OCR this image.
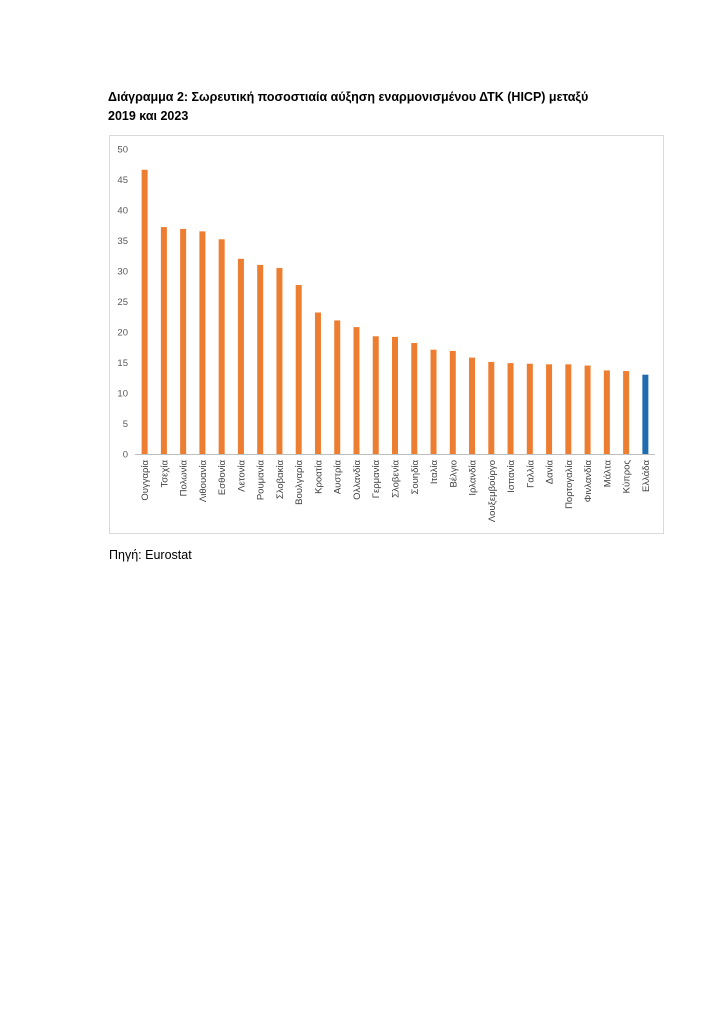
Διάγραμμα 2: Σωρευτική ποσοστιαία αύξηση εναρμονισμένου ΔΤΚ (HICP) μεταξύ
2019 και 2023
0
5
10
15
20
25
30
35
40
45
50
Ουγγαρία Τσεχία Πολωνία Λιθουανία Εσθονία Λετονία Ρουμανία Σλοβακία Βουλγαρία Κροατία Αυστρία Ολλανδία Γερμανία Σλοβενία Σουηδία Ιταλία Βέλγιο Ιρλανδία Λουξεμβούργο Ισπανία Γαλλία Δανία Πορτογαλία Φινλανδία Μάλτα Κύπρος Ελλάδα
Πηγή: Eurostat
